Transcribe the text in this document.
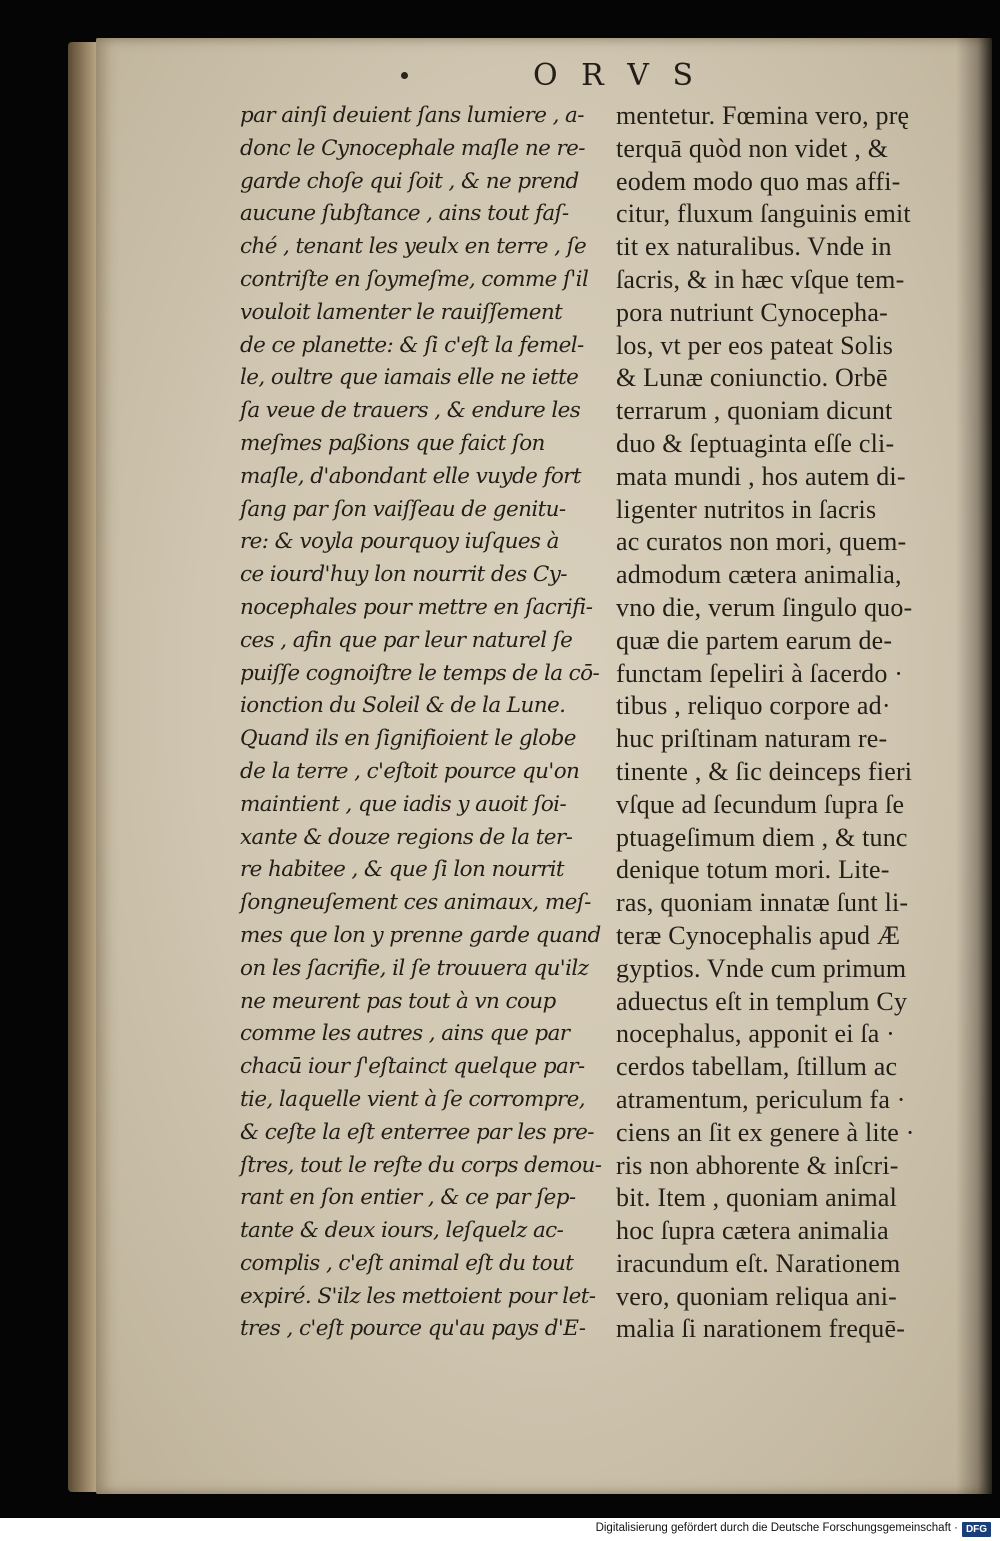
O R V S
par ainſi deuient ſans lumiere , a-
donc le Cynocephale maſle ne re-
garde choſe qui ſoit , & ne prend
aucune ſubſtance , ains tout faſ-
ché , tenant les yeulx en terre , ſe
contriſte en ſoymeſme, comme ſ'il
vouloit lamenter le rauiſſement
de ce planette: & ſi c'eſt la femel-
le, oultre que iamais elle ne iette
ſa veue de trauers , & endure les
meſmes paßions que faict ſon
maſle, d'abondant elle vuyde fort
ſang par ſon vaiſſeau de genitu-
re: & voyla pourquoy iuſques à
ce iourd'huy lon nourrit des Cy-
nocephales pour mettre en ſacrifi-
ces , afin que par leur naturel ſe
puiſſe cognoiſtre le temps de la cō-
ionction du Soleil & de la Lune.
Quand ils en ſignifioient le globe
de la terre , c'eſtoit pource qu'on
maintient , que iadis y auoit ſoi-
xante & douze regions de la ter-
re habitee , & que ſi lon nourrit
ſongneuſement ces animaux, meſ-
mes que lon y prenne garde quand
on les ſacrifie, il ſe trouuera qu'ilz
ne meurent pas tout à vn coup
comme les autres , ains que par
chacū iour ſ'eſtainct quelque par-
tie, laquelle vient à ſe corrompre,
& ceſte la eſt enterree par les pre-
ſtres, tout le reſte du corps demou-
rant en ſon entier , & ce par ſep-
tante & deux iours, leſquelz ac-
complis , c'eſt animal eſt du tout
expiré. S'ilz les mettoient pour let-
tres , c'eſt pource qu'au pays d'E-
mentetur. Fœmina vero, prę
terquā quòd non videt , &
eodem modo quo mas affi-
citur, fluxum ſanguinis emit
tit ex naturalibus. Vnde in
ſacris, & in hæc vſque tem-
pora nutriunt Cynocepha-
los, vt per eos pateat Solis
& Lunæ coniunctio. Orbē
terrarum , quoniam dicunt
duo & ſeptuaginta eſſe cli-
mata mundi , hos autem di-
ligenter nutritos in ſacris
ac curatos non mori, quem-
admodum cætera animalia,
vno die, verum ſingulo quo-
quæ die partem earum de-
functam ſepeliri à ſacerdo ·
tibus , reliquo corpore ad·
huc priſtinam naturam re-
tinente , & ſic deinceps fieri
vſque ad ſecundum ſupra ſe
ptuageſimum diem , & tunc
denique totum mori. Lite-
ras, quoniam innatæ ſunt li-
teræ Cynocephalis apud Æ
gyptios. Vnde cum primum
aduectus eſt in templum Cy
nocephalus, apponit ei ſa ·
cerdos tabellam, ſtillum ac
atramentum, periculum fa ·
ciens an ſit ex genere à lite ·
ris non abhorente & inſcri-
bit. Item , quoniam animal
hoc ſupra cætera animalia
iracundum eſt. Narationem
vero, quoniam reliqua ani-
malia ſi narationem frequē-
Digitalisierung gefördert durch die Deutsche Forschungsgemeinschaft · DFG
